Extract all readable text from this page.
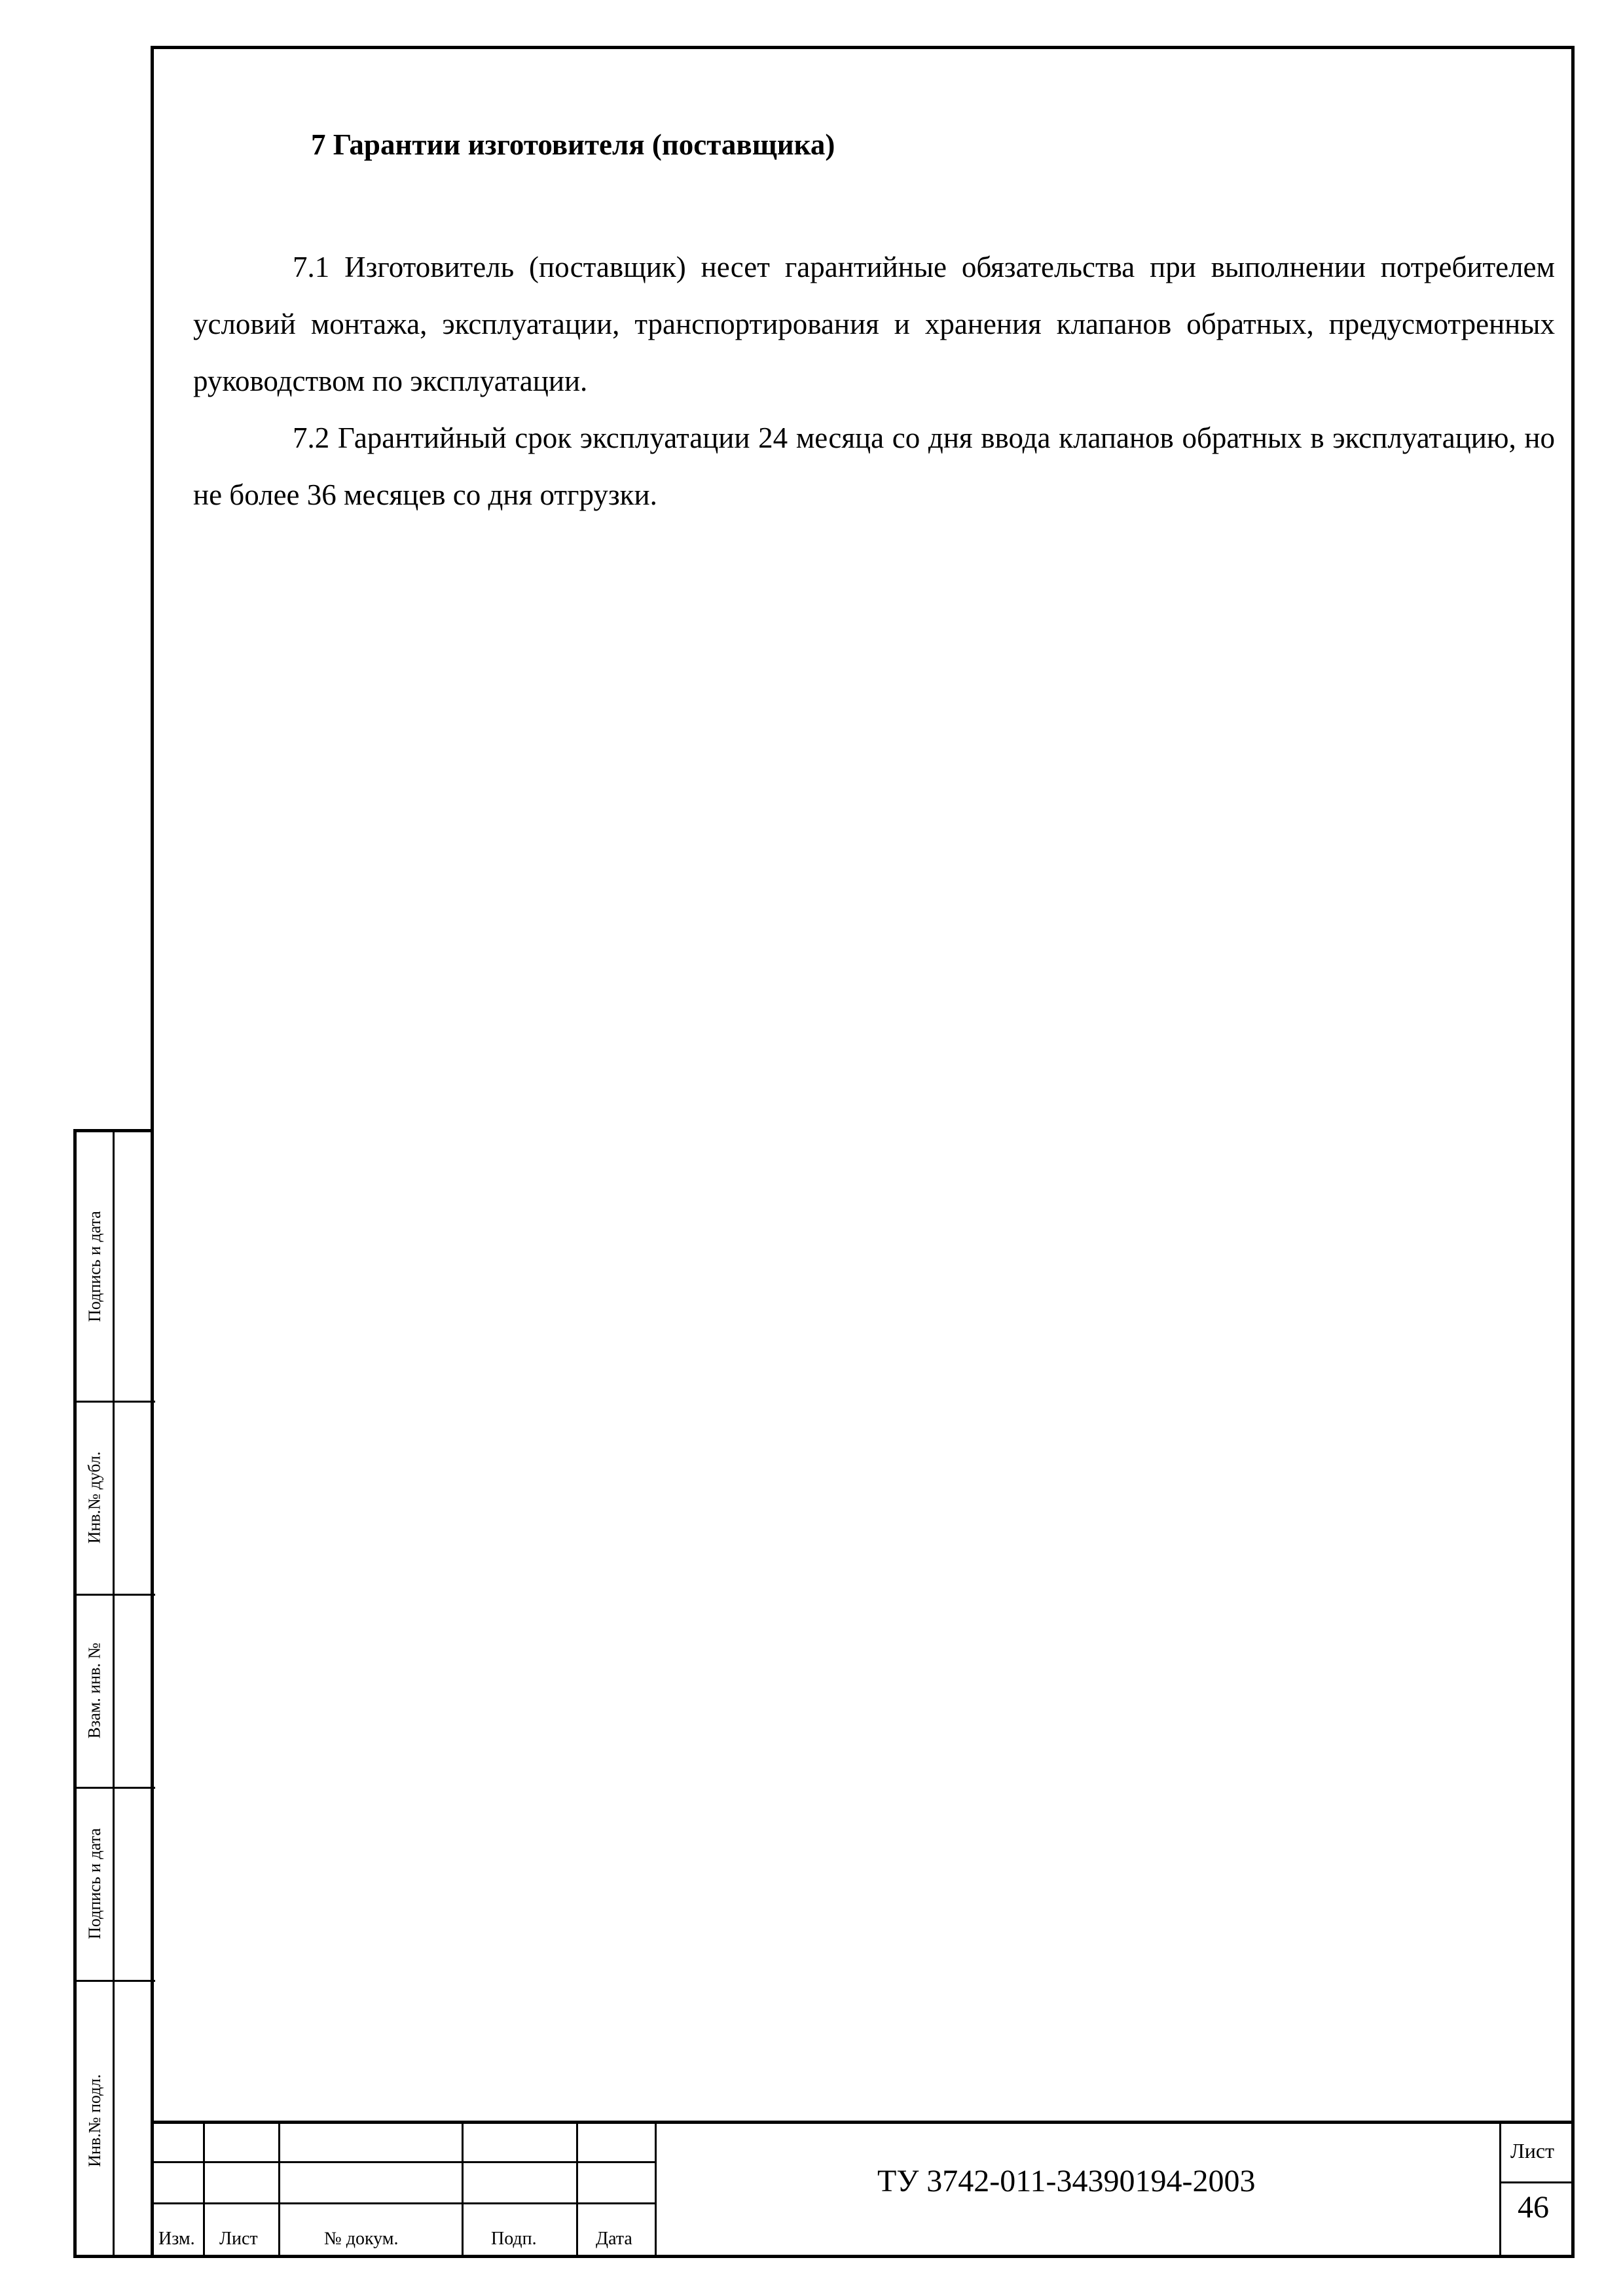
7 Гарантии изготовителя (поставщика)

7.1 Изготовитель (поставщик) несет гарантийные обязательства при выполнении потребителем условий монтажа, эксплуатации, транспортирования и хранения клапанов обратных, предусмотренных руководством по эксплуатации.

7.2 Гарантийный срок эксплуатации 24 месяца со дня ввода клапанов обратных в эксплуатацию, но не более 36 месяцев со дня отгрузки.

Подпись и дата
Инв.№ дубл.
Взам. инв. №
Подпись и дата
Инв.№ подл.
Изм. Лист	№ докум.	Подп.	Дата
ТУ 3742-011-34390194-2003
Лист
46
